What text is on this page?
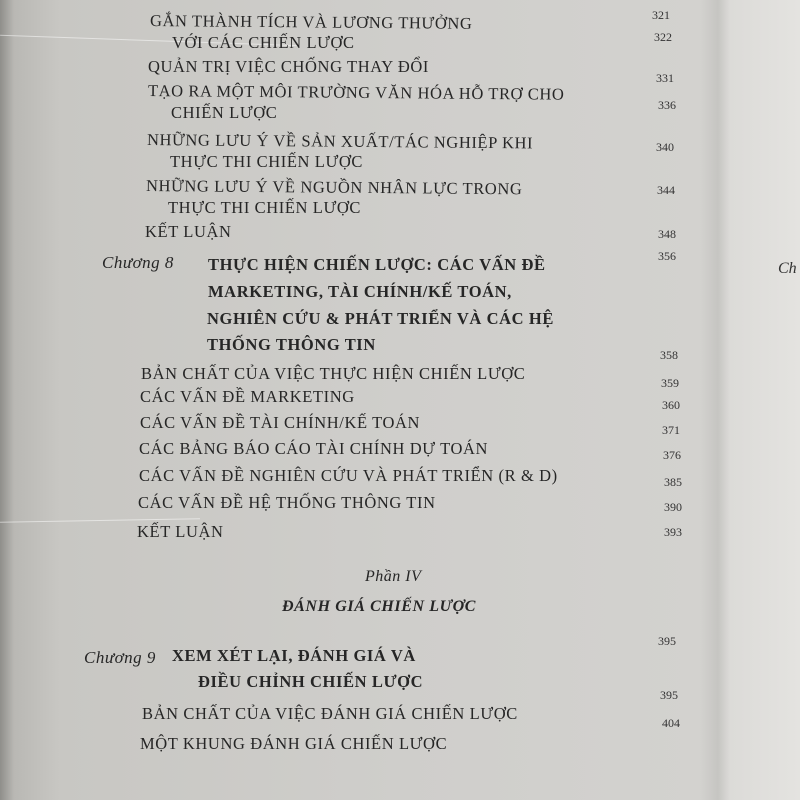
GẮN THÀNH TÍCH VÀ LƯƠNG THƯỞNG
VỚI CÁC CHIẾN LƯỢC
321
322
QUẢN TRỊ VIỆC CHỐNG THAY ĐỔI
331
TẠO RA MỘT MÔI TRƯỜNG VĂN HÓA HỖ TRỢ CHO
CHIẾN LƯỢC	336
NHỮNG LƯU Ý VỀ SẢN XUẤT/TÁC NGHIỆP KHI
THỰC THI CHIẾN LƯỢC
340
NHỮNG LƯU Ý VỀ NGUỒN NHÂN LỰC TRONG
THỰC THI CHIẾN LƯỢC
344
KẾT LUẬN	348
Chương 8 THỰC HIỆN CHIẾN LƯỢC: CÁC VẤN ĐỀ
MARKETING, TÀI CHÍNH/KẾ TOÁN,
NGHIÊN CỨU & PHÁT TRIỂN VÀ CÁC HỆ
THỐNG THÔNG TIN
356
BẢN CHẤT CỦA VIỆC THỰC HIỆN CHIẾN LƯỢC
358
CÁC VẤN ĐỀ MARKETING
359
CÁC VẤN ĐỀ TÀI CHÍNH/KẾ TOÁN
360
CÁC BẢNG BÁO CÁO TÀI CHÍNH DỰ TOÁN
371
CÁC VẤN ĐỀ NGHIÊN CỨU VÀ PHÁT TRIỂN (R & D)
376
CÁC VẤN ĐỀ HỆ THỐNG THÔNG TIN
385
KẾT LUẬN
390
393
Phần IV
ĐÁNH GIÁ CHIẾN LƯỢC
Chương 9 XEM XÉT LẠI, ĐÁNH GIÁ VÀ
ĐIỀU CHỈNH CHIẾN LƯỢC
395
BẢN CHẤT CỦA VIỆC ĐÁNH GIÁ CHIẾN LƯỢC
395
MỘT KHUNG ĐÁNH GIÁ CHIẾN LƯỢC
404
Ch
